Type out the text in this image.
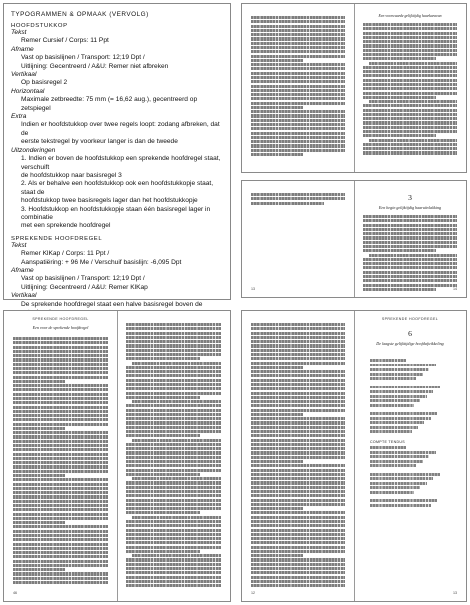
TYPOGRAMMEN & OPMAAK (VERVOLG)
HOOFDSTUKKOP
Tekst
Remer Cursief / Corps: 11 Ppt
Afname
Vast op basislijnen / Transport: 12;19 Dpt /
Uitlijning: Gecentreerd / A&U: Remer niet afbreken
Vertikaal
Op basisregel 2
Horizontaal
Maximale zetbreedte: 75 mm (= 16,62 aug.), gecentreerd op zetspiegel
Extra
Indien er hoofdstukkop over twee regels loopt: zodang afbreken, dat de
eerste tekstregel by voorkeur langer is dan de tweede
Uitzonderingen
1. Indien er boven de hoofdstukkop een sprekende hoofdregel staat, verschuift
de hoofdstukkop naar basisregel 3
2. Als er behalve een hoofdstukkop ook een hoofdstukkopje staat, staat de
hoofdstukkop twee basisregels lager dan het hoofdstukkopje
3. Hoofdstukkop en hoofdstukkopje staan één basisregel lager in combinatie
met een sprekende hoofdregel
SPREKENDE HOOFDREGEL
Tekst
Remer KlKap / Corps: 11 Ppt /
Aanspatiëring: + 96 Me / Verschuif basislijn: -6,095 Dpt
Afname
Vast op basislijnen / Transport: 12;19 Dpt /
Uitlijning: Gecentreerd / A&U: Remer KlKap
Vertikaal
De sprekende hoofdregel staat een halve basisregel boven de
Een voorwaarde gelijktijdig haarkaravan
13
3
Een begin gelijktijdig haaruitvlakking
14
SPREKENDE HOOFDREGEL
Een voor de sprekende hoofdregel
46	12
SPREKENDE HOOFDREGEL
6
De laagste gelijktijdige hoofdafwikkeling
COMPTE TENDUS
13
